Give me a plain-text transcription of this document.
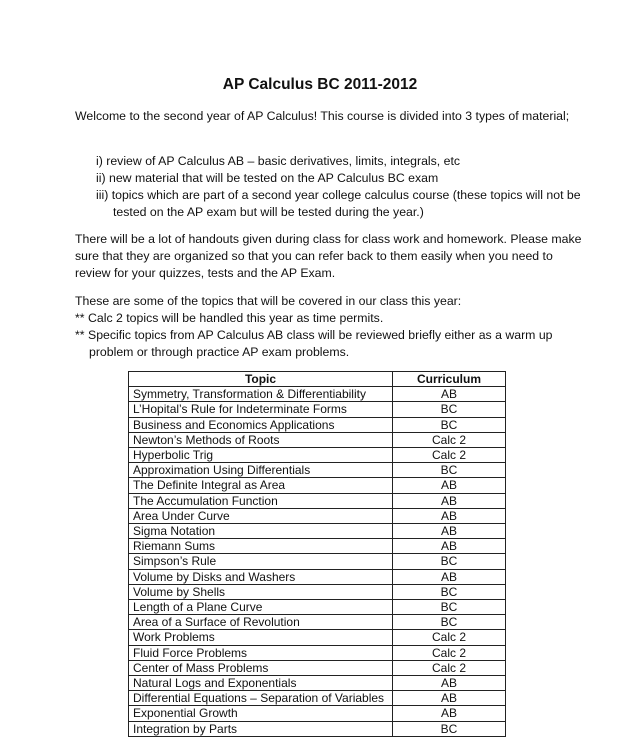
AP Calculus BC 2011-2012

Welcome to the second year of AP Calculus! This course is divided into 3 types of material;

i) review of AP Calculus AB – basic derivatives, limits, integrals, etc
ii) new material that will be tested on the AP Calculus BC exam
iii) topics which are part of a second year college calculus course (these topics will not be tested on the AP exam but will be tested during the year.)

There will be a lot of handouts given during class for class work and homework. Please make sure that they are organized so that you can refer back to them easily when you need to review for your quizzes, tests and the AP Exam.

These are some of the topics that will be covered in our class this year:

** Calc 2 topics will be handled this year as time permits.
** Specific topics from AP Calculus AB class will be reviewed briefly either as a warm up problem or through practice AP exam problems.
Topic	Curriculum
Symmetry, Transformation & Differentiability	AB
L’Hopital’s Rule for Indeterminate Forms	BC
Business and Economics Applications	BC
Newton’s Methods of Roots	Calc 2
Hyperbolic Trig	Calc 2
Approximation Using Differentials	BC
The Definite Integral as Area	AB
The Accumulation Function	AB
Area Under Curve	AB
Sigma Notation	AB
Riemann Sums	AB
Simpson’s Rule	BC
Volume by Disks and Washers	AB
Volume by Shells	BC
Length of a Plane Curve	BC
Area of a Surface of Revolution	BC
Work Problems	Calc 2
Fluid Force Problems	Calc 2
Center of Mass Problems	Calc 2
Natural Logs and Exponentials	AB
Differential Equations – Separation of Variables	AB
Exponential Growth	AB
Integration by Parts	BC
